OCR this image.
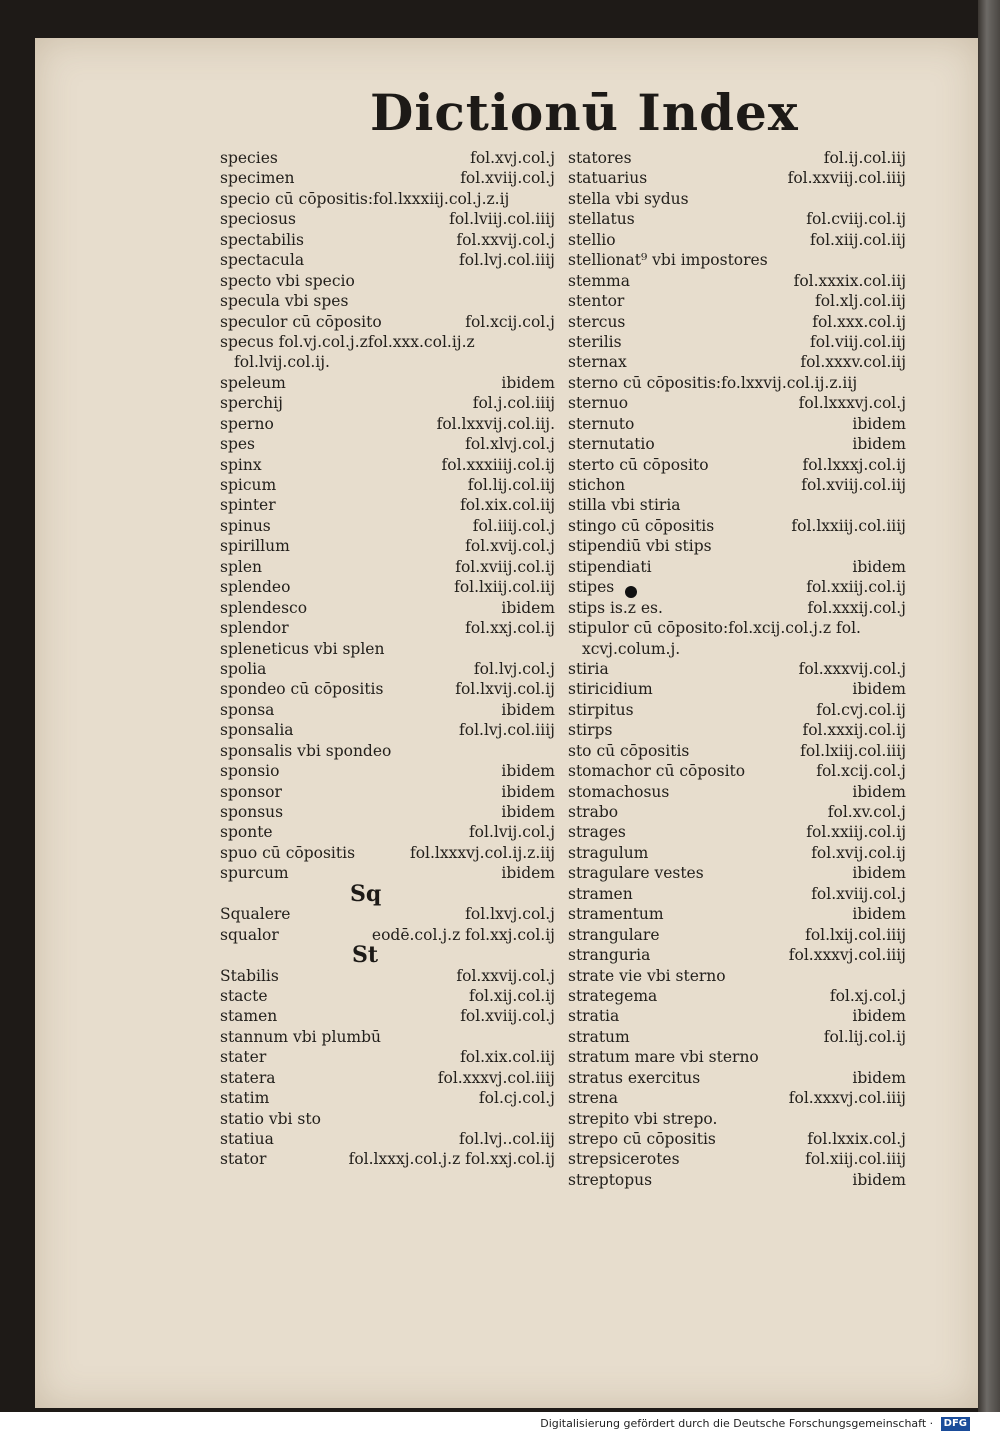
Dictionū Index
species	fol.xvj.col.j
specimen	fol.xviij.col.j
specio cū cōpositis:fol.lxxxiij.col.j.z.ij
speciosus	fol.lviij.col.iiij
spectabilis	fol.xxvij.col.j
spectacula	fol.lvj.col.iiij
specto vbi specio
specula vbi spes
speculor cū cōposito	fol.xcij.col.j
specus fol.vj.col.j.zfol.xxx.col.ij.z
fol.lvij.col.ij.
speleum	ibidem
sperchij	fol.j.col.iiij
sperno	fol.lxxvij.col.iij.
spes	fol.xlvj.col.j
spinx	fol.xxxiiij.col.ij
spicum	fol.lij.col.iij
spinter	fol.xix.col.iij
spinus	fol.iiij.col.j
spirillum	fol.xvij.col.j
splen	fol.xviij.col.ij
splendeo	fol.lxiij.col.iij
splendesco	ibidem
splendor	fol.xxj.col.ij
spleneticus vbi splen
spolia	fol.lvj.col.j
spondeo cū cōpositis	fol.lxvij.col.ij
sponsa	ibidem
sponsalia	fol.lvj.col.iiij
sponsalis vbi spondeo
sponsio	ibidem
sponsor	ibidem
sponsus	ibidem
sponte	fol.lvij.col.j
spuo cū cōpositis	fol.lxxxvj.col.ij.z.iij
spurcum	ibidem
Sq
Squalere	fol.lxvj.col.j
squalor	eodē.col.j.z fol.xxj.col.ij
St
Stabilis	fol.xxvij.col.j
stacte	fol.xij.col.ij
stamen	fol.xviij.col.j
stannum vbi plumbū
stater	fol.xix.col.iij
statera	fol.xxxvj.col.iiij
statim	fol.cj.col.j
statio vbi sto
statiua	fol.lvj..col.iij
stator	fol.lxxxj.col.j.z fol.xxj.col.ij
statores	fol.ij.col.iij
statuarius	fol.xxviij.col.iiij
stella vbi sydus
stellatus	fol.cviij.col.ij
stellio	fol.xiij.col.iij
stellionat⁹ vbi impostores
stemma	fol.xxxix.col.iij
stentor	fol.xlj.col.iij
stercus	fol.xxx.col.ij
sterilis	fol.viij.col.iij
sternax	fol.xxxv.col.iij
sterno cū cōpositis:fo.lxxvij.col.ij.z.iij
sternuo	fol.lxxxvj.col.j
sternuto	ibidem
sternutatio	ibidem
sterto cū cōposito	fol.lxxxj.col.ij
stichon	fol.xviij.col.iij
stilla vbi stiria
stingo cū cōpositis	fol.lxxiij.col.iiij
stipendiū vbi stips
stipendiati	ibidem
stipes	fol.xxiij.col.ij
stips is.z es.	fol.xxxij.col.j
stipulor cū cōposito:fol.xcij.col.j.z fol.
xcvj.colum.j.
stiria	fol.xxxvij.col.j
stiricidium	ibidem
stirpitus	fol.cvj.col.ij
stirps	fol.xxxij.col.ij
sto cū cōpositis	fol.lxiij.col.iiij
stomachor cū cōposito	fol.xcij.col.j
stomachosus	ibidem
strabo	fol.xv.col.j
strages	fol.xxiij.col.ij
stragulum	fol.xvij.col.ij
stragulare vestes	ibidem
stramen	fol.xviij.col.j
stramentum	ibidem
strangulare	fol.lxij.col.iiij
stranguria	fol.xxxvj.col.iiij
strate vie vbi sterno
strategema	fol.xj.col.j
stratia	ibidem
stratum	fol.lij.col.ij
stratum mare vbi sterno
stratus exercitus	ibidem
strena	fol.xxxvj.col.iiij
strepito vbi strepo.
strepo cū cōpositis	fol.lxxix.col.j
strepsicerotes	fol.xiij.col.iiij
streptopus	ibidem
Digitalisierung gefördert durch die Deutsche Forschungsgemeinschaft · DFG
